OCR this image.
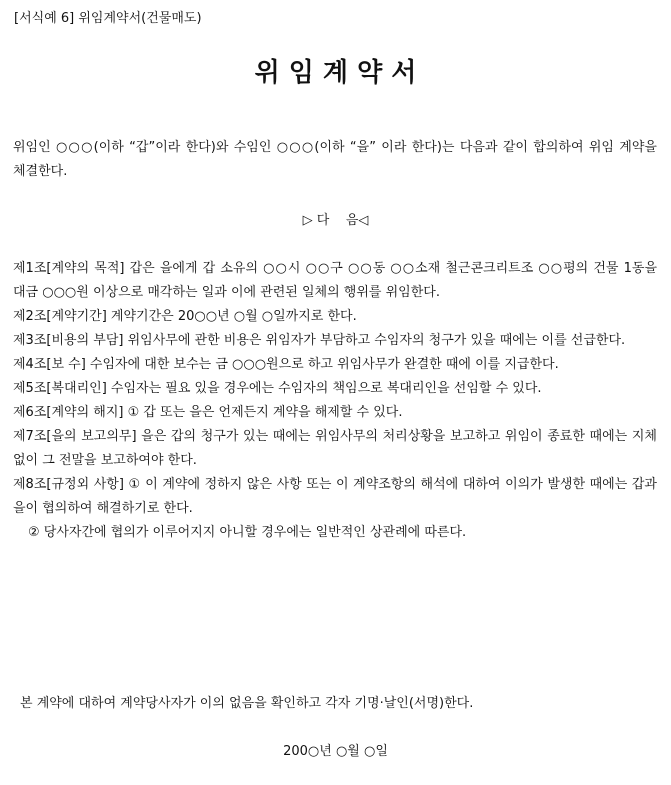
[서식예 6] 위임계약서(건물매도)
위 임 계 약 서
위임인 ○○○(이하 “갑”이라 한다)와 수임인 ○○○(이하 “을” 이라 한다)는 다음과 같이 합의하여 위임 계약을 체결한다.
▷ 다    음◁
제1조[계약의 목적] 갑은 을에게 갑 소유의 ○○시 ○○구 ○○동 ○○소재 철근콘크리트조 ○○평의 건물 1동을 대금 ○○○원 이상으로 매각하는 일과 이에 관련된 일체의 행위를 위임한다.
제2조[계약기간] 계약기간은 20○○년 ○월 ○일까지로 한다.
제3조[비용의 부담] 위임사무에 관한 비용은 위임자가 부담하고 수임자의 청구가 있을 때에는 이를 선급한다.
제4조[보 수] 수임자에 대한 보수는 금 ○○○원으로 하고 위임사무가 완결한 때에 이를 지급한다.
제5조[복대리인] 수임자는 필요 있을 경우에는 수임자의 책임으로 복대리인을 선임할 수 있다.
제6조[계약의 해지] ① 갑 또는 을은 언제든지 계약을 해제할 수 있다.
제7조[을의 보고의무] 을은 갑의 청구가 있는 때에는 위임사무의 처리상황을 보고하고 위임이 종료한 때에는 지체 없이 그 전말을 보고하여야 한다.
제8조[규정외 사항] ① 이 계약에 정하지 않은 사항 또는 이 계약조항의 해석에 대하여 이의가 발생한 때에는 갑과 을이 협의하여 해결하기로 한다.
② 당사자간에 협의가 이루어지지 아니할 경우에는 일반적인 상관례에 따른다.
본 계약에 대하여 계약당사자가 이의 없음을 확인하고 각자 기명·날인(서명)한다.
200○년 ○월 ○일
